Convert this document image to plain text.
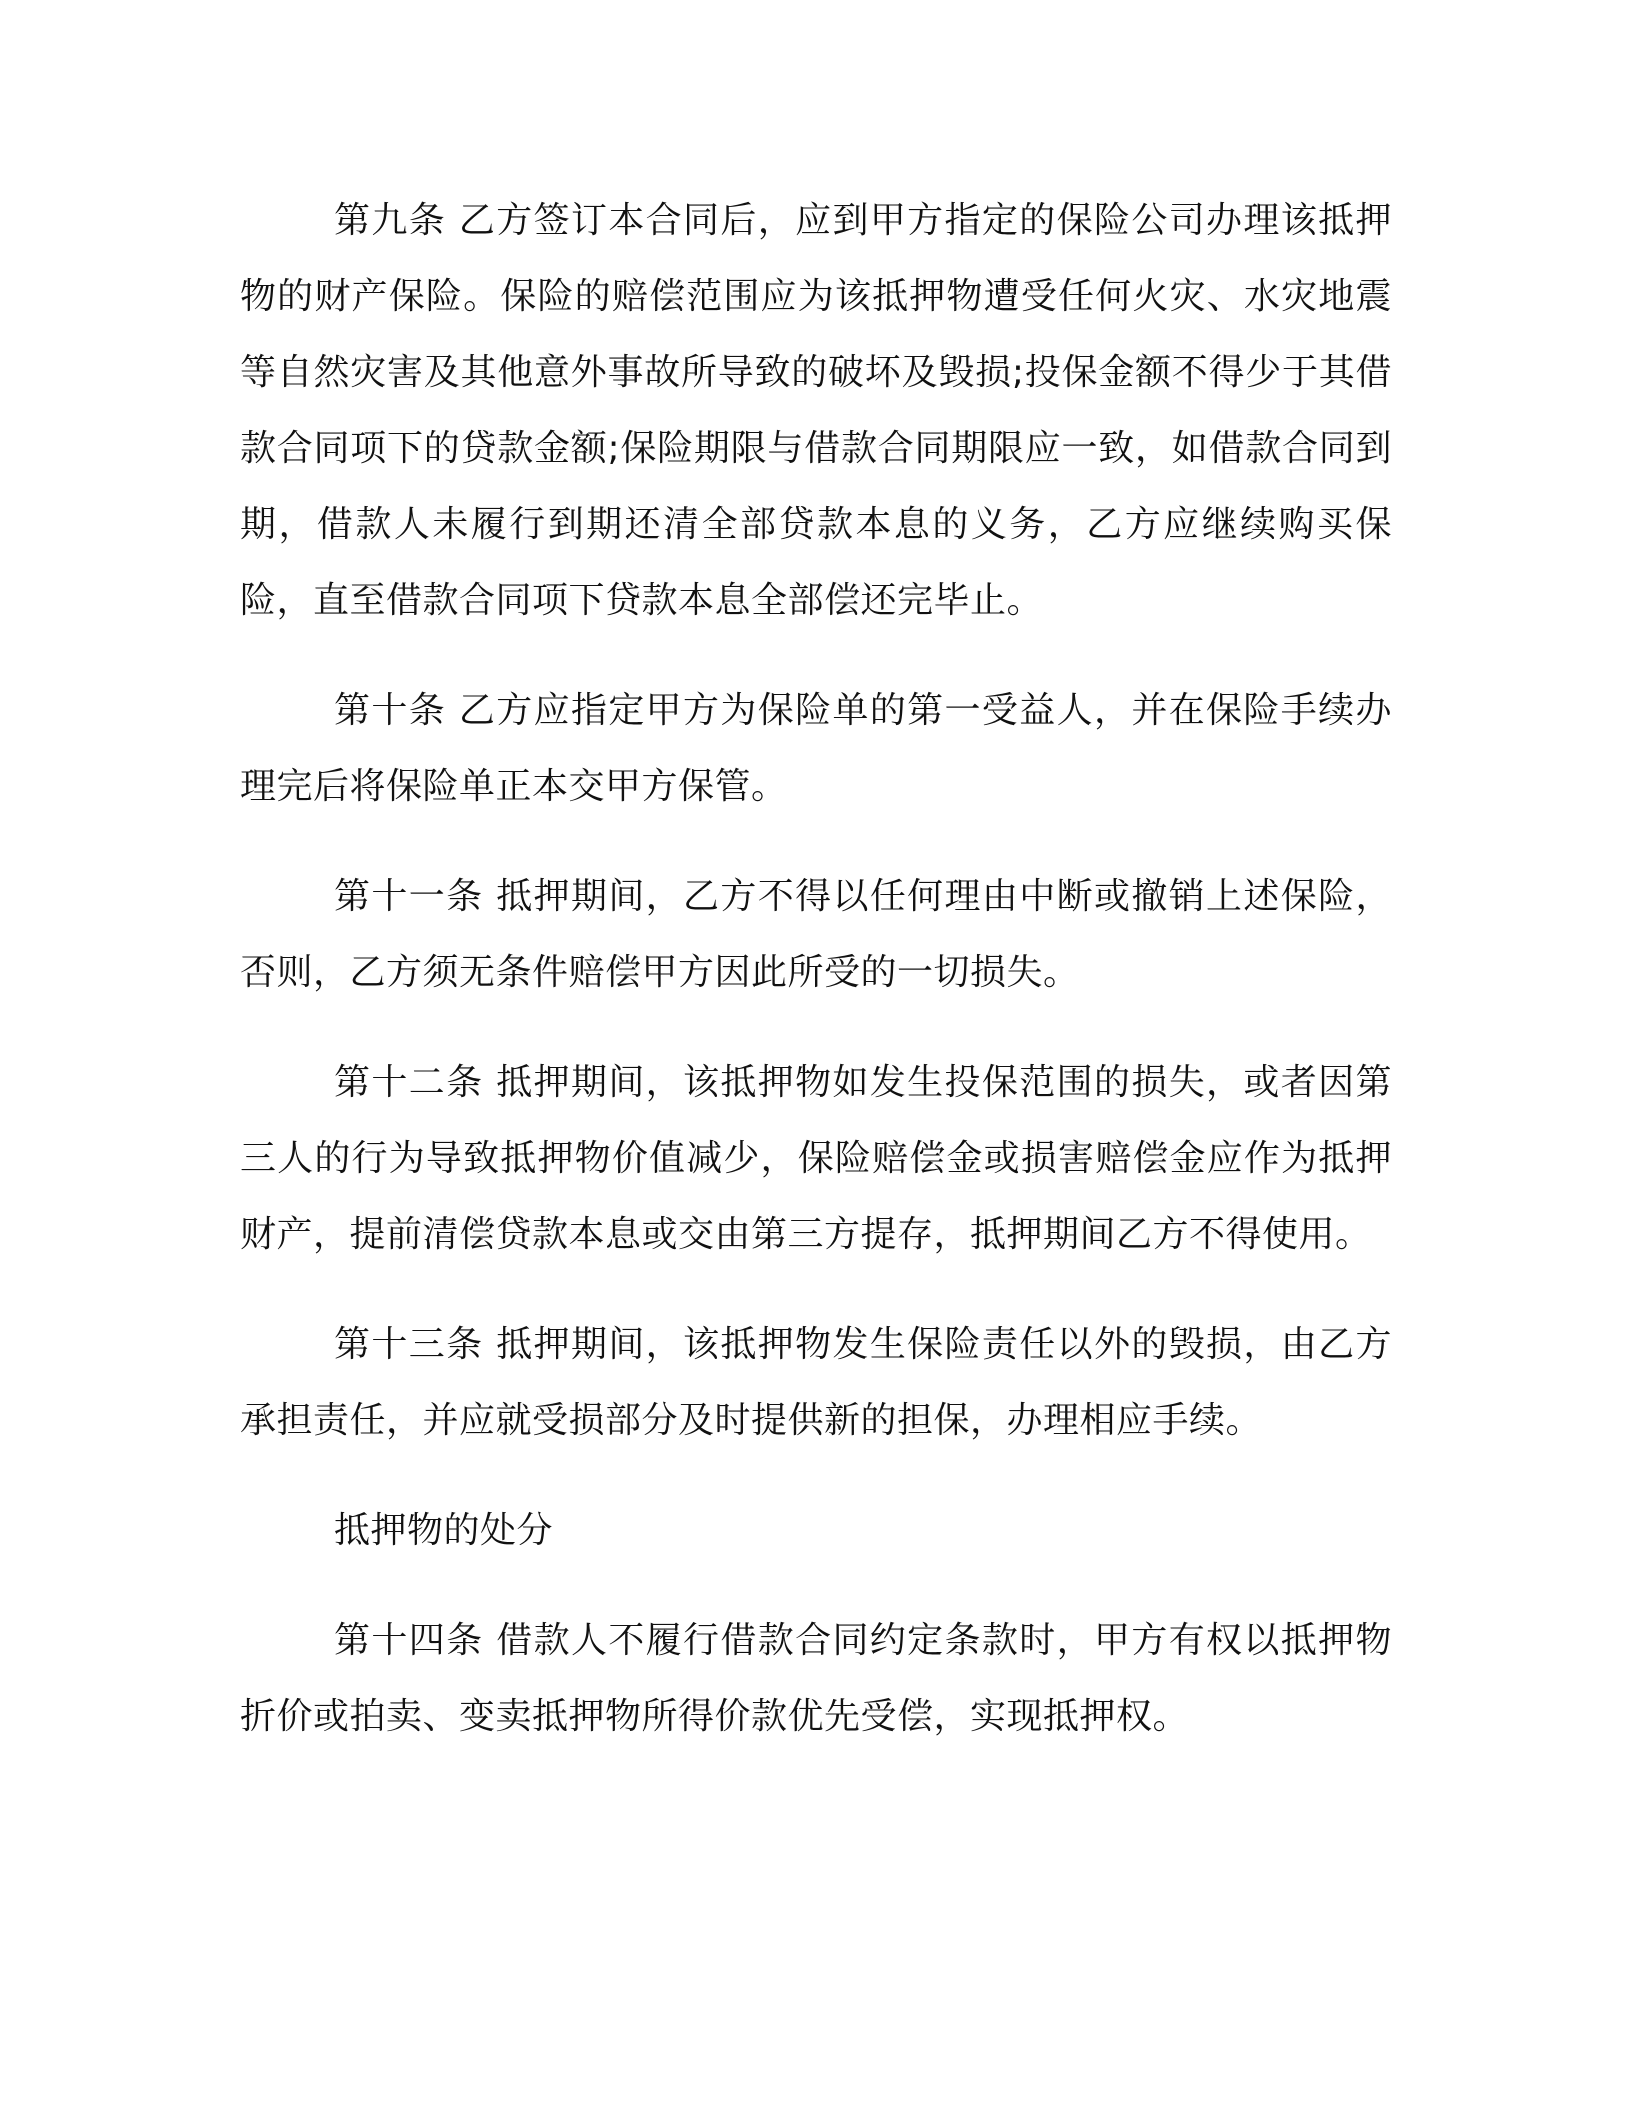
第九条 乙方签订本合同后，应到甲方指定的保险公司办理该抵押物的财产保险。保险的赔偿范围应为该抵押物遭受任何火灾、水灾地震等自然灾害及其他意外事故所导致的破坏及毁损;投保金额不得少于其借款合同项下的贷款金额;保险期限与借款合同期限应一致，如借款合同到期，借款人未履行到期还清全部贷款本息的义务，乙方应继续购买保险，直至借款合同项下贷款本息全部偿还完毕止。

第十条 乙方应指定甲方为保险单的第一受益人，并在保险手续办理完后将保险单正本交甲方保管。

第十一条 抵押期间，乙方不得以任何理由中断或撤销上述保险，否则，乙方须无条件赔偿甲方因此所受的一切损失。

第十二条 抵押期间，该抵押物如发生投保范围的损失，或者因第三人的行为导致抵押物价值减少，保险赔偿金或损害赔偿金应作为抵押财产，提前清偿贷款本息或交由第三方提存，抵押期间乙方不得使用。

第十三条 抵押期间，该抵押物发生保险责任以外的毁损，由乙方承担责任，并应就受损部分及时提供新的担保，办理相应手续。

抵押物的处分

第十四条 借款人不履行借款合同约定条款时，甲方有权以抵押物折价或拍卖、变卖抵押物所得价款优先受偿，实现抵押权。
